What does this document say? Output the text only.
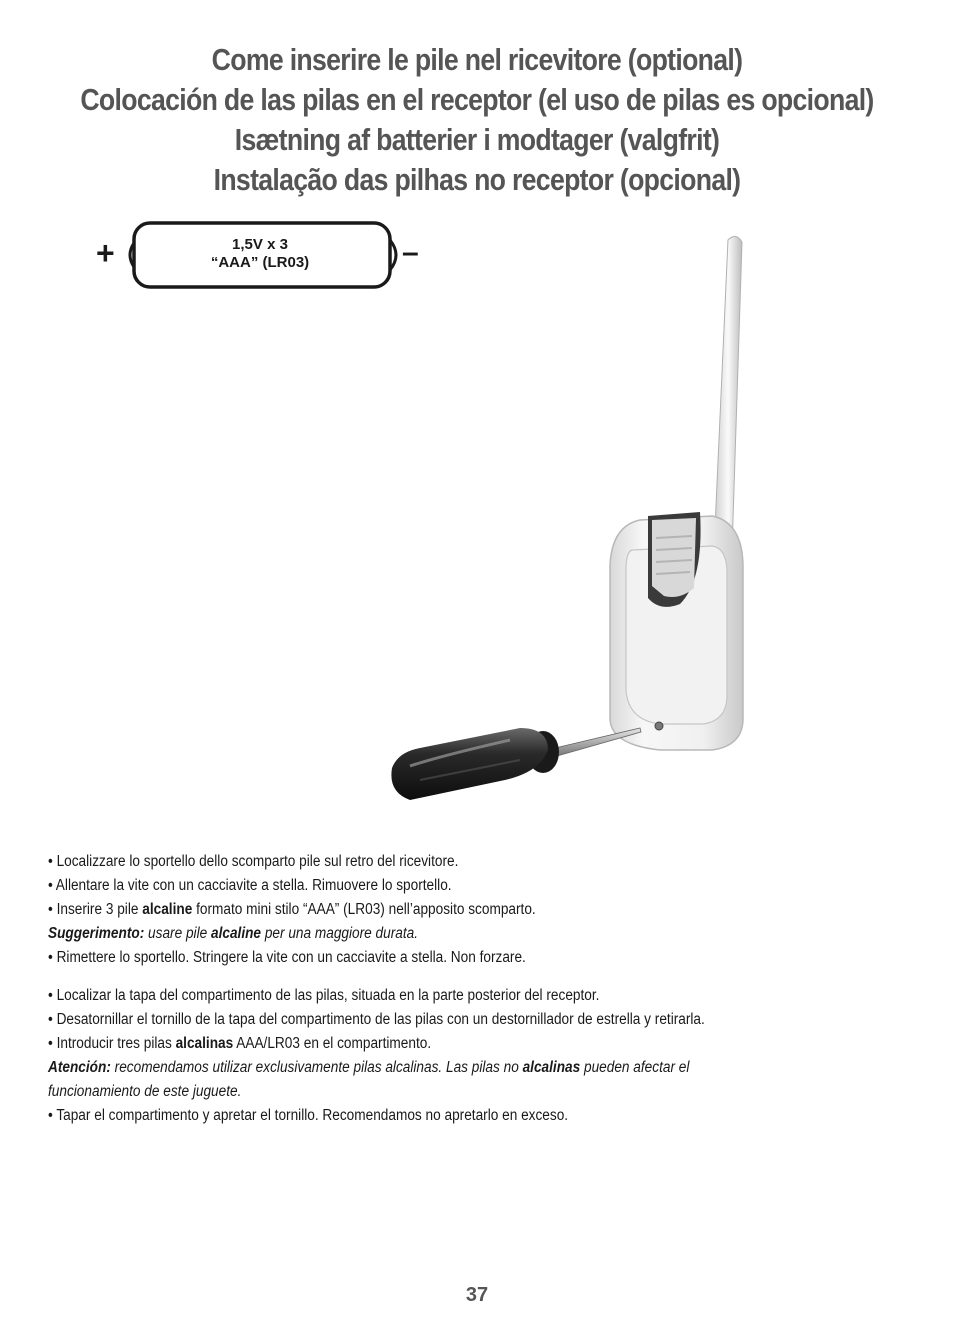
Come inserire le pile nel ricevitore (optional)
Colocación de las pilas en el receptor (el uso de pilas es opcional)
Isætning af batterier i modtager (valgfrit)
Instalação das pilhas no receptor (opcional)
+	–
1,5V x 3
“AAA” (LR03)
• Localizzare lo sportello dello scomparto pile sul retro del ricevitore.
• Allentare la vite con un cacciavite a stella. Rimuovere lo sportello.
• Inserire 3 pile alcaline formato mini stilo “AAA” (LR03) nell’apposito scomparto.
Suggerimento: usare pile alcaline per una maggiore durata.
• Rimettere lo sportello. Stringere la vite con un cacciavite a stella. Non forzare.
• Localizar la tapa del compartimento de las pilas, situada en la parte posterior del receptor.
• Desatornillar el tornillo de la tapa del compartimento de las pilas con un destornillador de estrella y retirarla.
• Introducir tres pilas alcalinas AAA/LR03 en el compartimento.
Atención: recomendamos utilizar exclusivamente pilas alcalinas. Las pilas no alcalinas pueden afectar el
funcionamiento de este juguete.
• Tapar el compartimento y apretar el tornillo. Recomendamos no apretarlo en exceso.
37
